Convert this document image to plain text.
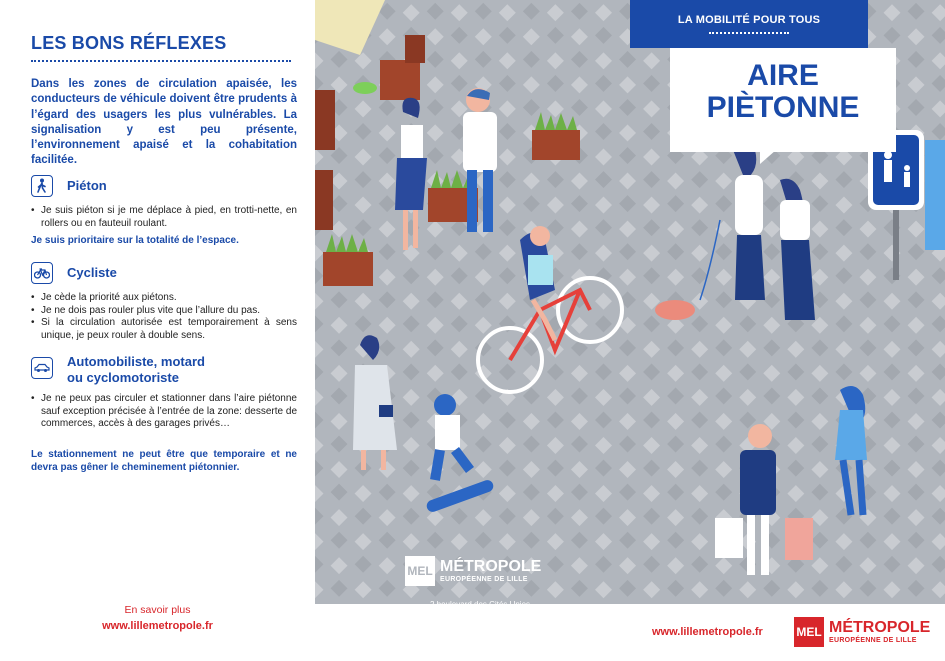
LES BONS RÉFLEXES
Dans les zones de circulation apaisée, les conducteurs de véhicule doivent être prudents à l’égard des usagers les plus vulnérables. La signalisation y est peu présente, l’environnement apaisé et la cohabitation facilitée.
Piéton
• Je suis piéton si je me déplace à pied, en trotti-nette, en rollers ou en fauteuil roulant.
Je suis prioritaire sur la totalité de l’espace.
Cycliste
• Je cède la priorité aux piétons.
• Je ne dois pas rouler plus vite que l’allure du pas.
• Si la circulation autorisée est temporairement à sens unique, je peux rouler à double sens.
Automobiliste, motard
ou cyclomotoriste
• Je ne peux pas circuler et stationner dans l’aire piétonne sauf exception précisée à l’entrée de la zone: desserte de commerces, accès à des garages privés…
Le stationnement ne peut être que temporaire et ne devra pas gêner le cheminement piétonnier.
En savoir plus
www.lillemetropole.fr
MEL MÉTROPOLE
EUROPÉENNE DE LILLE
2 boulevard des Cités Unies
CS 70043 - 59040 Lille Cedex
Tél : +33(0)3 20 21 22 23
www.lillemetropole.fr
LA MOBILITÉ POUR TOUS
AIRE
PIÈTONNE
www.lillemetropole.fr	MEL MÉTROPOLE
EUROPÉENNE DE LILLE
